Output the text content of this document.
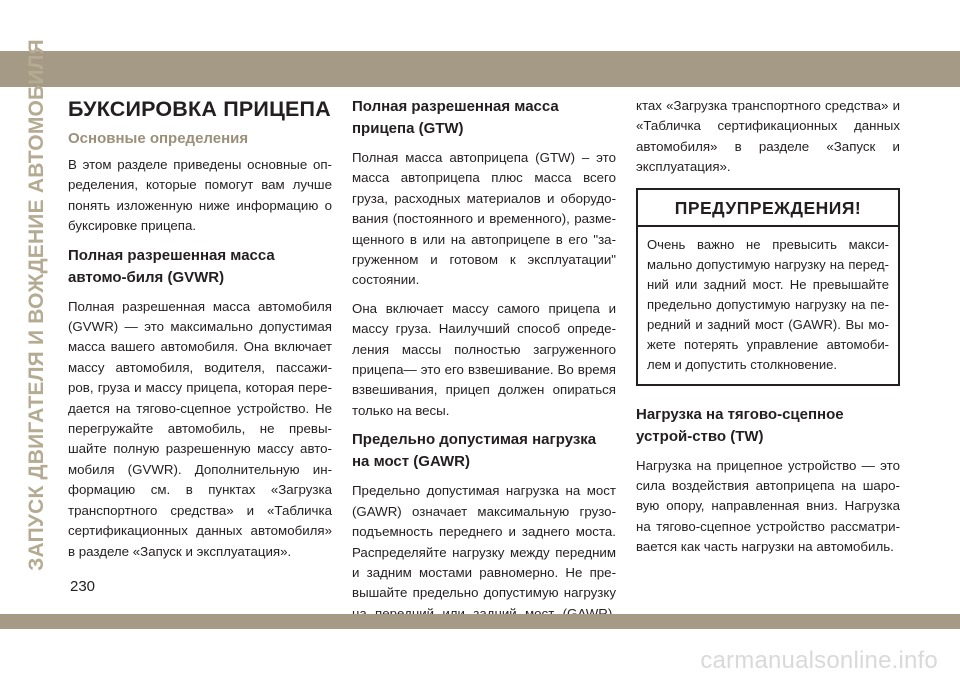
ЗАПУСК ДВИГАТЕЛЯ И ВОЖДЕНИЕ АВТОМОБИЛЯ БУКСИРОВКА ПРИЦЕПА
Основные определения

В этом разделе приведены основные оп-ределения, которые помогут вам лучше понять изложенную ниже информацию о буксировке прицепа.

Полная разрешенная масса автомо-биля (GVWR)

Полная разрешенная масса автомобиля (GVWR) — это максимально допустимая масса вашего автомобиля. Она включает массу автомобиля, водителя, пассажи-ров, груза и массу прицепа, которая пере-дается на тягово-сцепное устройство. Не перегружайте автомобиль, не превы-шайте полную разрешенную массу авто-мобиля (GVWR). Дополнительную ин-формацию см. в пунктах «Загрузка транспортного средства» и «Табличка сертификационных данных автомобиля» в разделе «Запуск и эксплуатация».

Полная разрешенная масса прицепа (GTW)

Полная масса автоприцепа (GTW) – это масса автоприцепа плюс масса всего груза, расходных материалов и оборудо-вания (постоянного и временного), разме-щенного в или на автоприцепе в его "за-груженном и готовом к эксплуатации" состоянии.

Она включает массу самого прицепа и массу груза. Наилучший способ опреде-ления массы полностью загруженного прицепа— это его взвешивание. Во время взвешивания, прицеп должен опираться только на весы.

Предельно допустимая нагрузка на мост (GAWR)

Предельно допустимая нагрузка на мост (GAWR) означает максимальную грузо-подъемность переднего и заднего моста. Распределяйте нагрузку между передним и задним мостами равномерно. Не пре-вышайте предельно допустимую нагрузку

ктах «Загрузка транспортного средства» и «Табличка сертификационных данных автомобиля» в разделе «Запуск и эксплуатация».

ПРЕДУПРЕЖДЕНИЯ!

Очень важно не превысить макси-мально допустимую нагрузку на перед-ний или задний мост. Не превышайте предельно допустимую нагрузку на пе-редний и задний мост (GAWR). Вы мо-жете потерять управление автомоби-лем и допустить столкновение.

Нагрузка на тягово-сцепное устрой-ство (TW)

Нагрузка на прицепное устройство — это сила воздействия автоприцепа на шаро-вую опору, направленная вниз. Нагрузка на тягово-сцепное устройство рассматри-вается как часть нагрузки на автомобиль.

230
carmanualsonline.info
